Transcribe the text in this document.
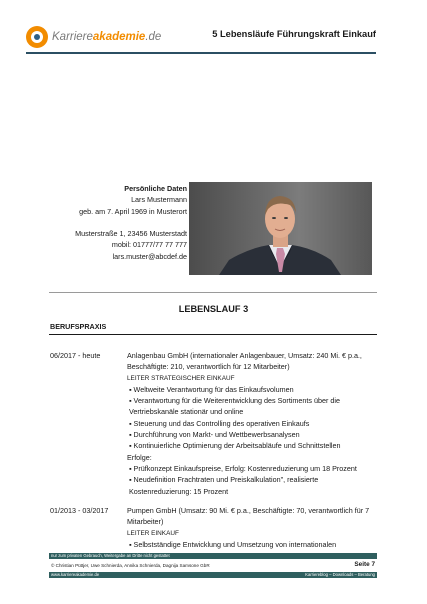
Karriereakademie.de	5 Lebensläufe Führungskraft Einkauf
Persönliche Daten
Lars Mustermann
geb. am 7. April 1969 in Musterort
Musterstraße 1, 23456 Musterstadt
mobil: 01777/77 77 777
lars.muster@abcdef.de
LEBENSLAUF 3
BERUFSPRAXIS
06/2017 - heute	Anlagenbau GmbH (internationaler Anlagenbauer, Umsatz: 240 Mi. € p.a., Beschäftigte: 210, verantwortlich für 12 Mitarbeiter)
LEITER STRATEGISCHER EINKAUF
▪ Weltweite Verantwortung für das Einkaufsvolumen
▪ Verantwortung für die Weiterentwicklung des Sortiments über die Vertriebskanäle stationär und online
▪ Steuerung und das Controlling des operativen Einkaufs
▪ Durchführung von Markt- und Wettbewerbsanalysen
▪ Kontinuierliche Optimierung der Arbeitsabläufe und Schnittstellen
Erfolge:
▪ Prüfkonzept Einkaufspreise, Erfolg: Kostenreduzierung um 18 Prozent
▪ Neudefinition Frachtraten und Preiskalkulation", realisierte Kostenreduzierung: 15 Prozent
01/2013 - 03/2017	Pumpen GmbH (Umsatz: 90 Mi. € p.a., Beschäftigte: 70, verantwortlich für 7 Mitarbeiter)
LEITER EINKAUF
▪ Selbstständige Entwicklung und Umsetzung von internationalen
nur zum privaten Gebrauch, Weitergabe an Dritte nicht gestattet
© Christian Püttjer, Uwe Schnierda, Annika Schnierda, Dagnija Samsone GbR	Seite 7
www.karriereakademie.de	Karriereblog – Downloads – Beratung
